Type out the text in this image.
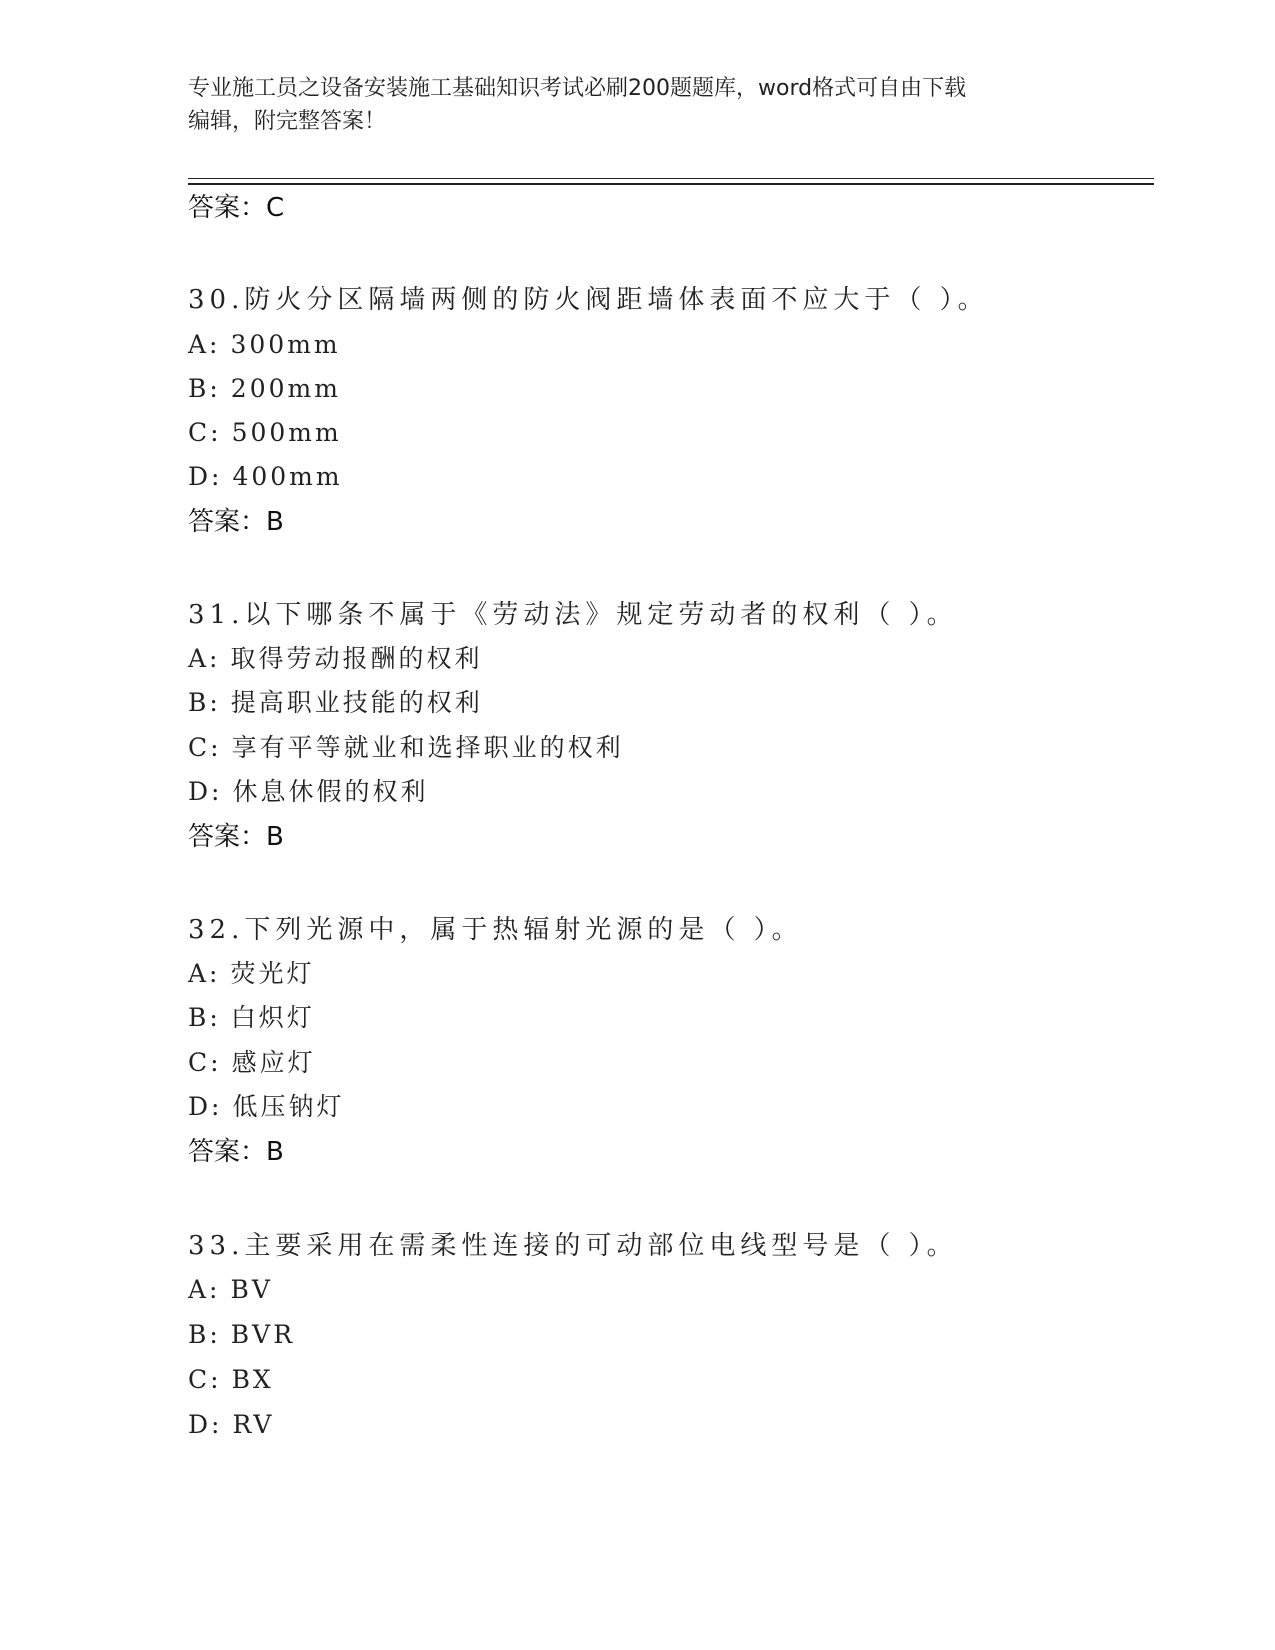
专业施工员之设备安装施工基础知识考试必刷200题题库，word格式可自由下载
编辑，附完整答案！
答案：C
30.防火分区隔墙两侧的防火阀距墙体表面不应大于（ ）。
A: 300mm
B: 200mm
C: 500mm
D: 400mm
答案：B
31.以下哪条不属于《劳动法》规定劳动者的权利（ ）。
A: 取得劳动报酬的权利
B: 提高职业技能的权利
C: 享有平等就业和选择职业的权利
D: 休息休假的权利
答案：B
32.下列光源中，属于热辐射光源的是（ ）。
A: 荧光灯
B: 白炽灯
C: 感应灯
D: 低压钠灯
答案：B
33.主要采用在需柔性连接的可动部位电线型号是（ ）。
A: BV
B: BVR
C: BX
D: RV
